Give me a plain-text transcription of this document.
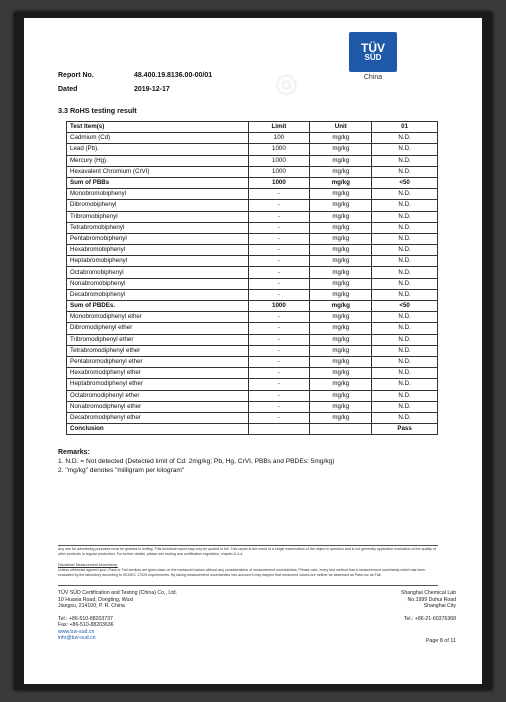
◎
TÜV
SÜD
China
Report No.	48.400.19.8136.00-00/01
Dated	2019-12-17
3.3 RoHS testing result
Test Item(s)	Limit	Unit	01
Cadmium (Cd)	100	mg/kg	N.D.
Lead (Pb).	1000	mg/kg	N.D.
Mercury (Hg).	1000	mg/kg	N.D.
Hexavalent Chromium (CrVI)	1000	mg/kg	N.D.
Sum of PBBs	1000	mg/kg	<50
Monobromobiphenyl	-	mg/kg	N.D.
Dibromobiphenyl	-	mg/kg	N.D.
Tribromobiphenyl	-	mg/kg	N.D.
Tetrabromobiphenyl	-	mg/kg	N.D.
Pentabromobiphenyl	-	mg/kg	N.D.
Hexabromobiphenyl	-	mg/kg	N.D.
Heptabromobiphenyl	-	mg/kg	N.D.
Octabromobiphenyl	-	mg/kg	N.D.
Nonabromobiphenyl	-	mg/kg	N.D.
Decabromobiphenyl	-	mg/kg	N.D.
Sum of PBDEs.	1000	mg/kg	<50
Monobromodiphenyl ether	-	mg/kg	N.D.
Dibromodiphenyl ether	-	mg/kg	N.D.
Tribromodiphenyl ether	-	mg/kg	N.D.
Tetrabromodiphenyl ether	-	mg/kg	N.D.
Pentabromodiphenyl ether	-	mg/kg	N.D.
Hexabromodiphenyl ether	-	mg/kg	N.D.
Heptabromodiphenyl ether	-	mg/kg	N.D.
Octabromodiphenyl ether	-	mg/kg	N.D.
Nonabromodiphenyl ether	-	mg/kg	N.D.
Decabromodiphenyl ether	-	mg/kg	N.D.
Conclusion			Pass
Remarks:
1. N.D. = Not detected (Detected limit of Cd: 2mg/kg; Pb, Hg, CrVI, PBBs and PBDEs: 5mg/kg)
2. "mg/kg" denotes "milligram per kilogram"
Any use for advertising purposes must be granted in writing. This technical report may only be quoted in full. This report is the result of a single examination of the object in question and is not generally applicable evaluation of the quality of other products in regular production. For further details, please see testing and certification regulation, chapter A-3.4.
Disclaimer Measurement Uncertainty:
Unless otherwise agreed upon, Pass or Fail verdicts are given base on the measured values without any considerations of measurement uncertainties. Please note, every test method has a measurement uncertainty which has been evaluated by the laboratory according to ISO/IEC 17025 requirements. By taking measurement uncertainties into account it may happen that measured values are neither be assessed as Pass nor as Fail.
TÜV SÜD Certification and Testing (China) Co., Ltd.
10 Huaxia Road, Dongting, Wuxi
Jiangsu, 214100, P. R. China
Tel.: +86-510-88203737
Fax: +86-510-88203636
www.tuv-sud.cn
info@tuv-sud.cn
Shanghai Chemical Lab
No.1999 Duhui Road
Shanghai City
Tel.: +86-21-60376368
Page 8 of 11
